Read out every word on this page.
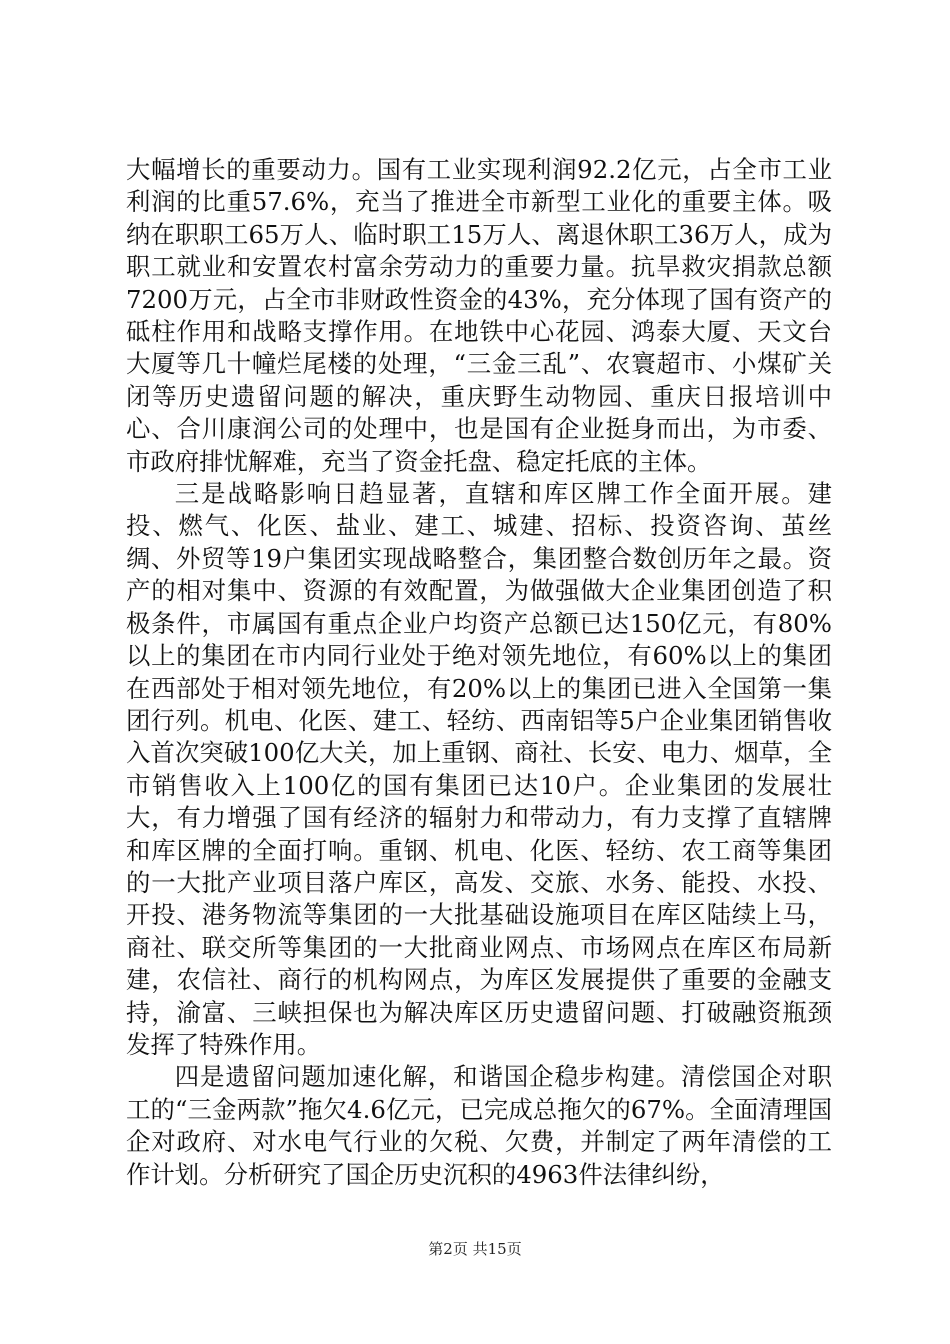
大幅增长的重要动力。国有工业实现利润92.2亿元，占全市工业利润的比重57.6%，充当了推进全市新型工业化的重要主体。吸纳在职职工65万人、临时职工15万人、离退休职工36万人，成为职工就业和安置农村富余劳动力的重要力量。抗旱救灾捐款总额7200万元，占全市非财政性资金的43%，充分体现了国有资产的砥柱作用和战略支撑作用。在地铁中心花园、鸿泰大厦、天文台大厦等几十幢烂尾楼的处理，“三金三乱”、农寰超市、小煤矿关闭等历史遗留问题的解决，重庆野生动物园、重庆日报培训中心、合川康润公司的处理中，也是国有企业挺身而出，为市委、市政府排忧解难，充当了资金托盘、稳定托底的主体。

三是战略影响日趋显著，直辖和库区牌工作全面开展。建投、燃气、化医、盐业、建工、城建、招标、投资咨询、茧丝绸、外贸等19户集团实现战略整合，集团整合数创历年之最。资产的相对集中、资源的有效配置，为做强做大企业集团创造了积极条件，市属国有重点企业户均资产总额已达150亿元，有80%以上的集团在市内同行业处于绝对领先地位，有60%以上的集团在西部处于相对领先地位，有20%以上的集团已进入全国第一集团行列。机电、化医、建工、轻纺、西南铝等5户企业集团销售收入首次突破100亿大关，加上重钢、商社、长安、电力、烟草，全市销售收入上100亿的国有集团已达10户。企业集团的发展壮大，有力增强了国有经济的辐射力和带动力，有力支撑了直辖牌和库区牌的全面打响。重钢、机电、化医、轻纺、农工商等集团的一大批产业项目落户库区，高发、交旅、水务、能投、水投、开投、港务物流等集团的一大批基础设施项目在库区陆续上马，商社、联交所等集团的一大批商业网点、市场网点在库区布局新建，农信社、商行的机构网点，为库区发展提供了重要的金融支持，渝富、三峡担保也为解决库区历史遗留问题、打破融资瓶颈发挥了特殊作用。

四是遗留问题加速化解，和谐国企稳步构建。清偿国企对职工的“三金两款”拖欠4.6亿元，已完成总拖欠的67%。全面清理国企对政府、对水电气行业的欠税、欠费，并制定了两年清偿的工作计划。分析研究了国企历史沉积的4963件法律纠纷，

第2页 共15页
